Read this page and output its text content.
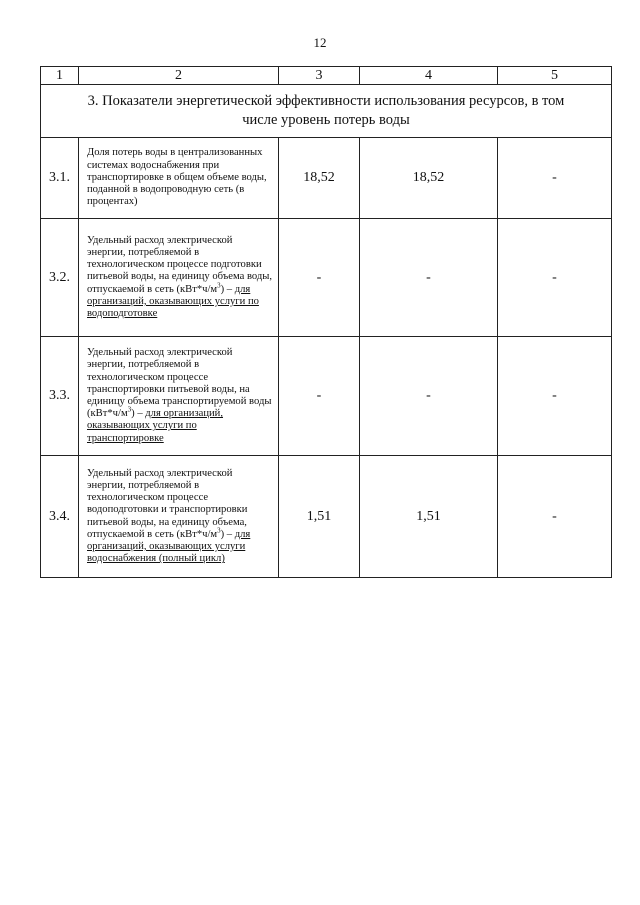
12
1	2	3	4	5
3. Показатели энергетической эффективности использования ресурсов, в том числе уровень потерь воды				
3.1.	Доля потерь воды в централизованных системах водоснабжения при транспортировке в общем объеме воды, поданной в водопроводную сеть (в процентах)	18,52	18,52	-
3.2.	Удельный расход электрической энергии, потребляемой в технологическом процессе подготовки питьевой воды, на единицу объема воды, отпускаемой в сеть $(кВт*ч/м^3)$ – для организаций, оказывающих услуги по водоподготовке	-	-	-
3.3.	Удельный расход электрической энергии, потребляемой в технологическом процессе транспортировки питьевой воды, на единицу объема транспортируемой воды $(кВт*ч/м^3)$ – для организаций, оказывающих услуги по транспортировке	-	-	-
3.4.	Удельный расход электрической энергии, потребляемой в технологическом процессе водоподготовки и транспортировки питьевой воды, на единицу объема, отпускаемой в сеть $(кВт*ч/м^3)$ – для организаций, оказывающих услуги водоснабжения (полный цикл)	1,51	1,51	-
